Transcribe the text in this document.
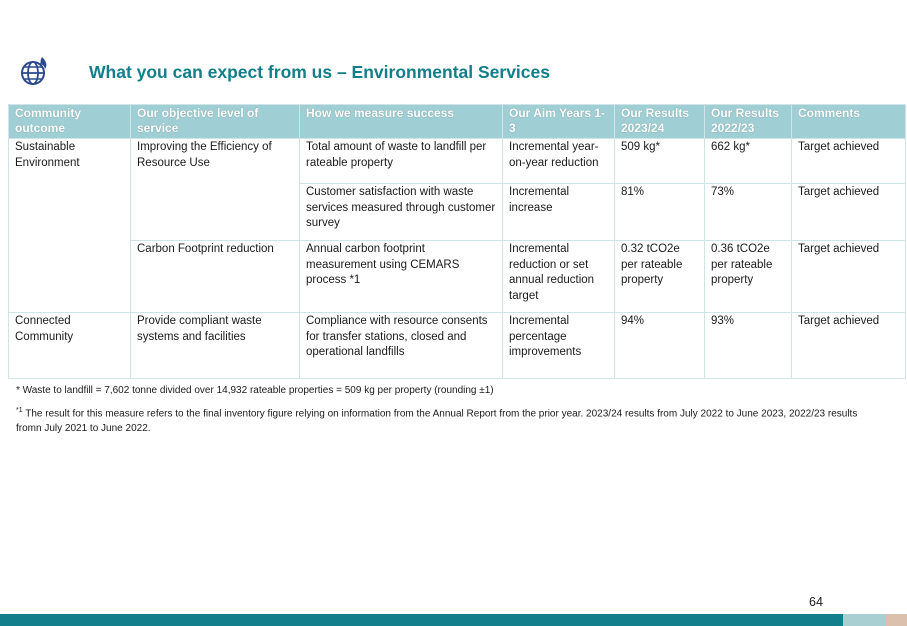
What you can expect from us – Environmental Services
Community outcome	Our objective level of service	How we measure success	Our Aim Years 1-3	Our Results 2023/24	Our Results 2022/23	Comments
Sustainable Environment	Improving the Efficiency of Resource Use	Total amount of waste to landfill per rateable property	Incremental year-on-year reduction	509 kg*	662 kg*	Target achieved
		Customer satisfaction with waste services measured through customer survey	Incremental increase	81%	73%	Target achieved
	Carbon Footprint reduction	Annual carbon footprint measurement using CEMARS process *1	Incremental reduction or set annual reduction target	0.32 tCO2e per rateable property	0.36 tCO2e per rateable property	Target achieved
Connected Community	Provide compliant waste systems and facilities	Compliance with resource consents for transfer stations, closed and operational landfills	Incremental percentage improvements	94%	93%	Target achieved
* Waste to landfill = 7,602 tonne divided over 14,932 rateable properties = 509 kg per property (rounding ±1)
$^{*1}$ The result for this measure refers to the final inventory figure relying on information from the Annual Report from the prior year. 2023/24 results from July 2022 to June 2023, 2022/23 results fromn July 2021 to June 2022.
64
